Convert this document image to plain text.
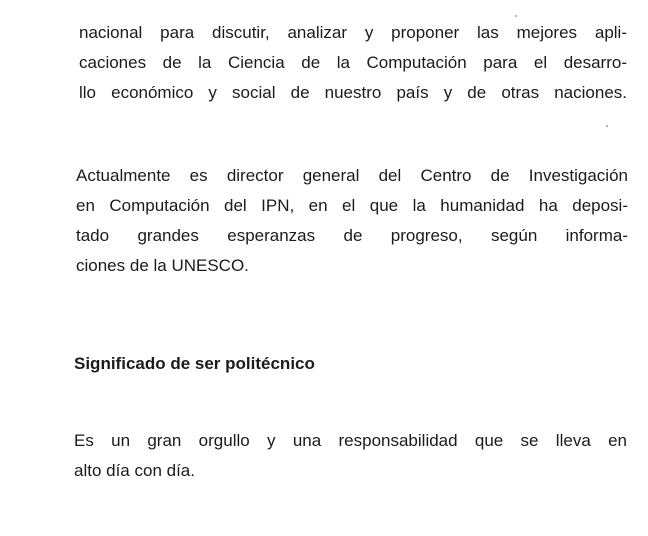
nacional para discutir, analizar y proponer las mejores apli-
caciones de la Ciencia de la Computación para el desarro-
llo económico y social de nuestro país y de otras naciones.
Actualmente es director general del Centro de Investigación
en Computación del IPN, en el que la humanidad ha deposi-
tado grandes esperanzas de progreso, según informa-
ciones de la UNESCO.
Significado de ser politécnico
Es un gran orgullo y una responsabilidad que se lleva en
alto día con día.
